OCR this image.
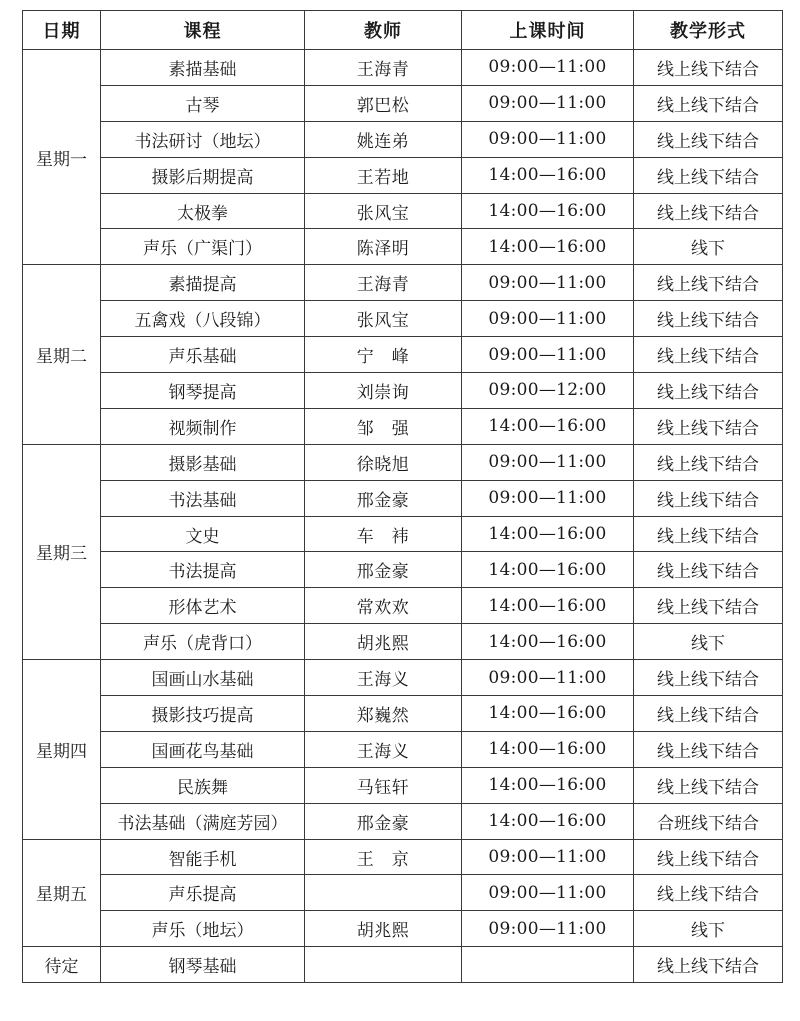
日期	课程	教师	上课时间	教学形式
星期一	素描基础	王海青	09:00—11:00	线上线下结合
	古琴	郭巴松	09:00—11:00	线上线下结合
	书法研讨（地坛）	姚连弟	09:00—11:00	线上线下结合
	摄影后期提高	王若地	14:00—16:00	线上线下结合
	太极拳	张风宝	14:00—16:00	线上线下结合
	声乐（广渠门）	陈泽明	14:00—16:00	线下
星期二	素描提高	王海青	09:00—11:00	线上线下结合
	五禽戏（八段锦）	张风宝	09:00—11:00	线上线下结合
	声乐基础	宁　峰	09:00—11:00	线上线下结合
	钢琴提高	刘崇询	09:00—12:00	线上线下结合
	视频制作	邹　强	14:00—16:00	线上线下结合
星期三	摄影基础	徐晓旭	09:00—11:00	线上线下结合
	书法基础	邢金豪	09:00—11:00	线上线下结合
	文史	车　袆	14:00—16:00	线上线下结合
	书法提高	邢金豪	14:00—16:00	线上线下结合
	形体艺术	常欢欢	14:00—16:00	线上线下结合
	声乐（虎背口）	胡兆熙	14:00—16:00	线下
星期四	国画山水基础	王海义	09:00—11:00	线上线下结合
	摄影技巧提高	郑巍然	14:00—16:00	线上线下结合
	国画花鸟基础	王海义	14:00—16:00	线上线下结合
	民族舞	马钰轩	14:00—16:00	线上线下结合
	书法基础（满庭芳园）	邢金豪	14:00—16:00	合班线下结合
星期五	智能手机	王　京	09:00—11:00	线上线下结合
	声乐提高		09:00—11:00	线上线下结合
	声乐（地坛）	胡兆熙	09:00—11:00	线下
待定	钢琴基础			线上线下结合
